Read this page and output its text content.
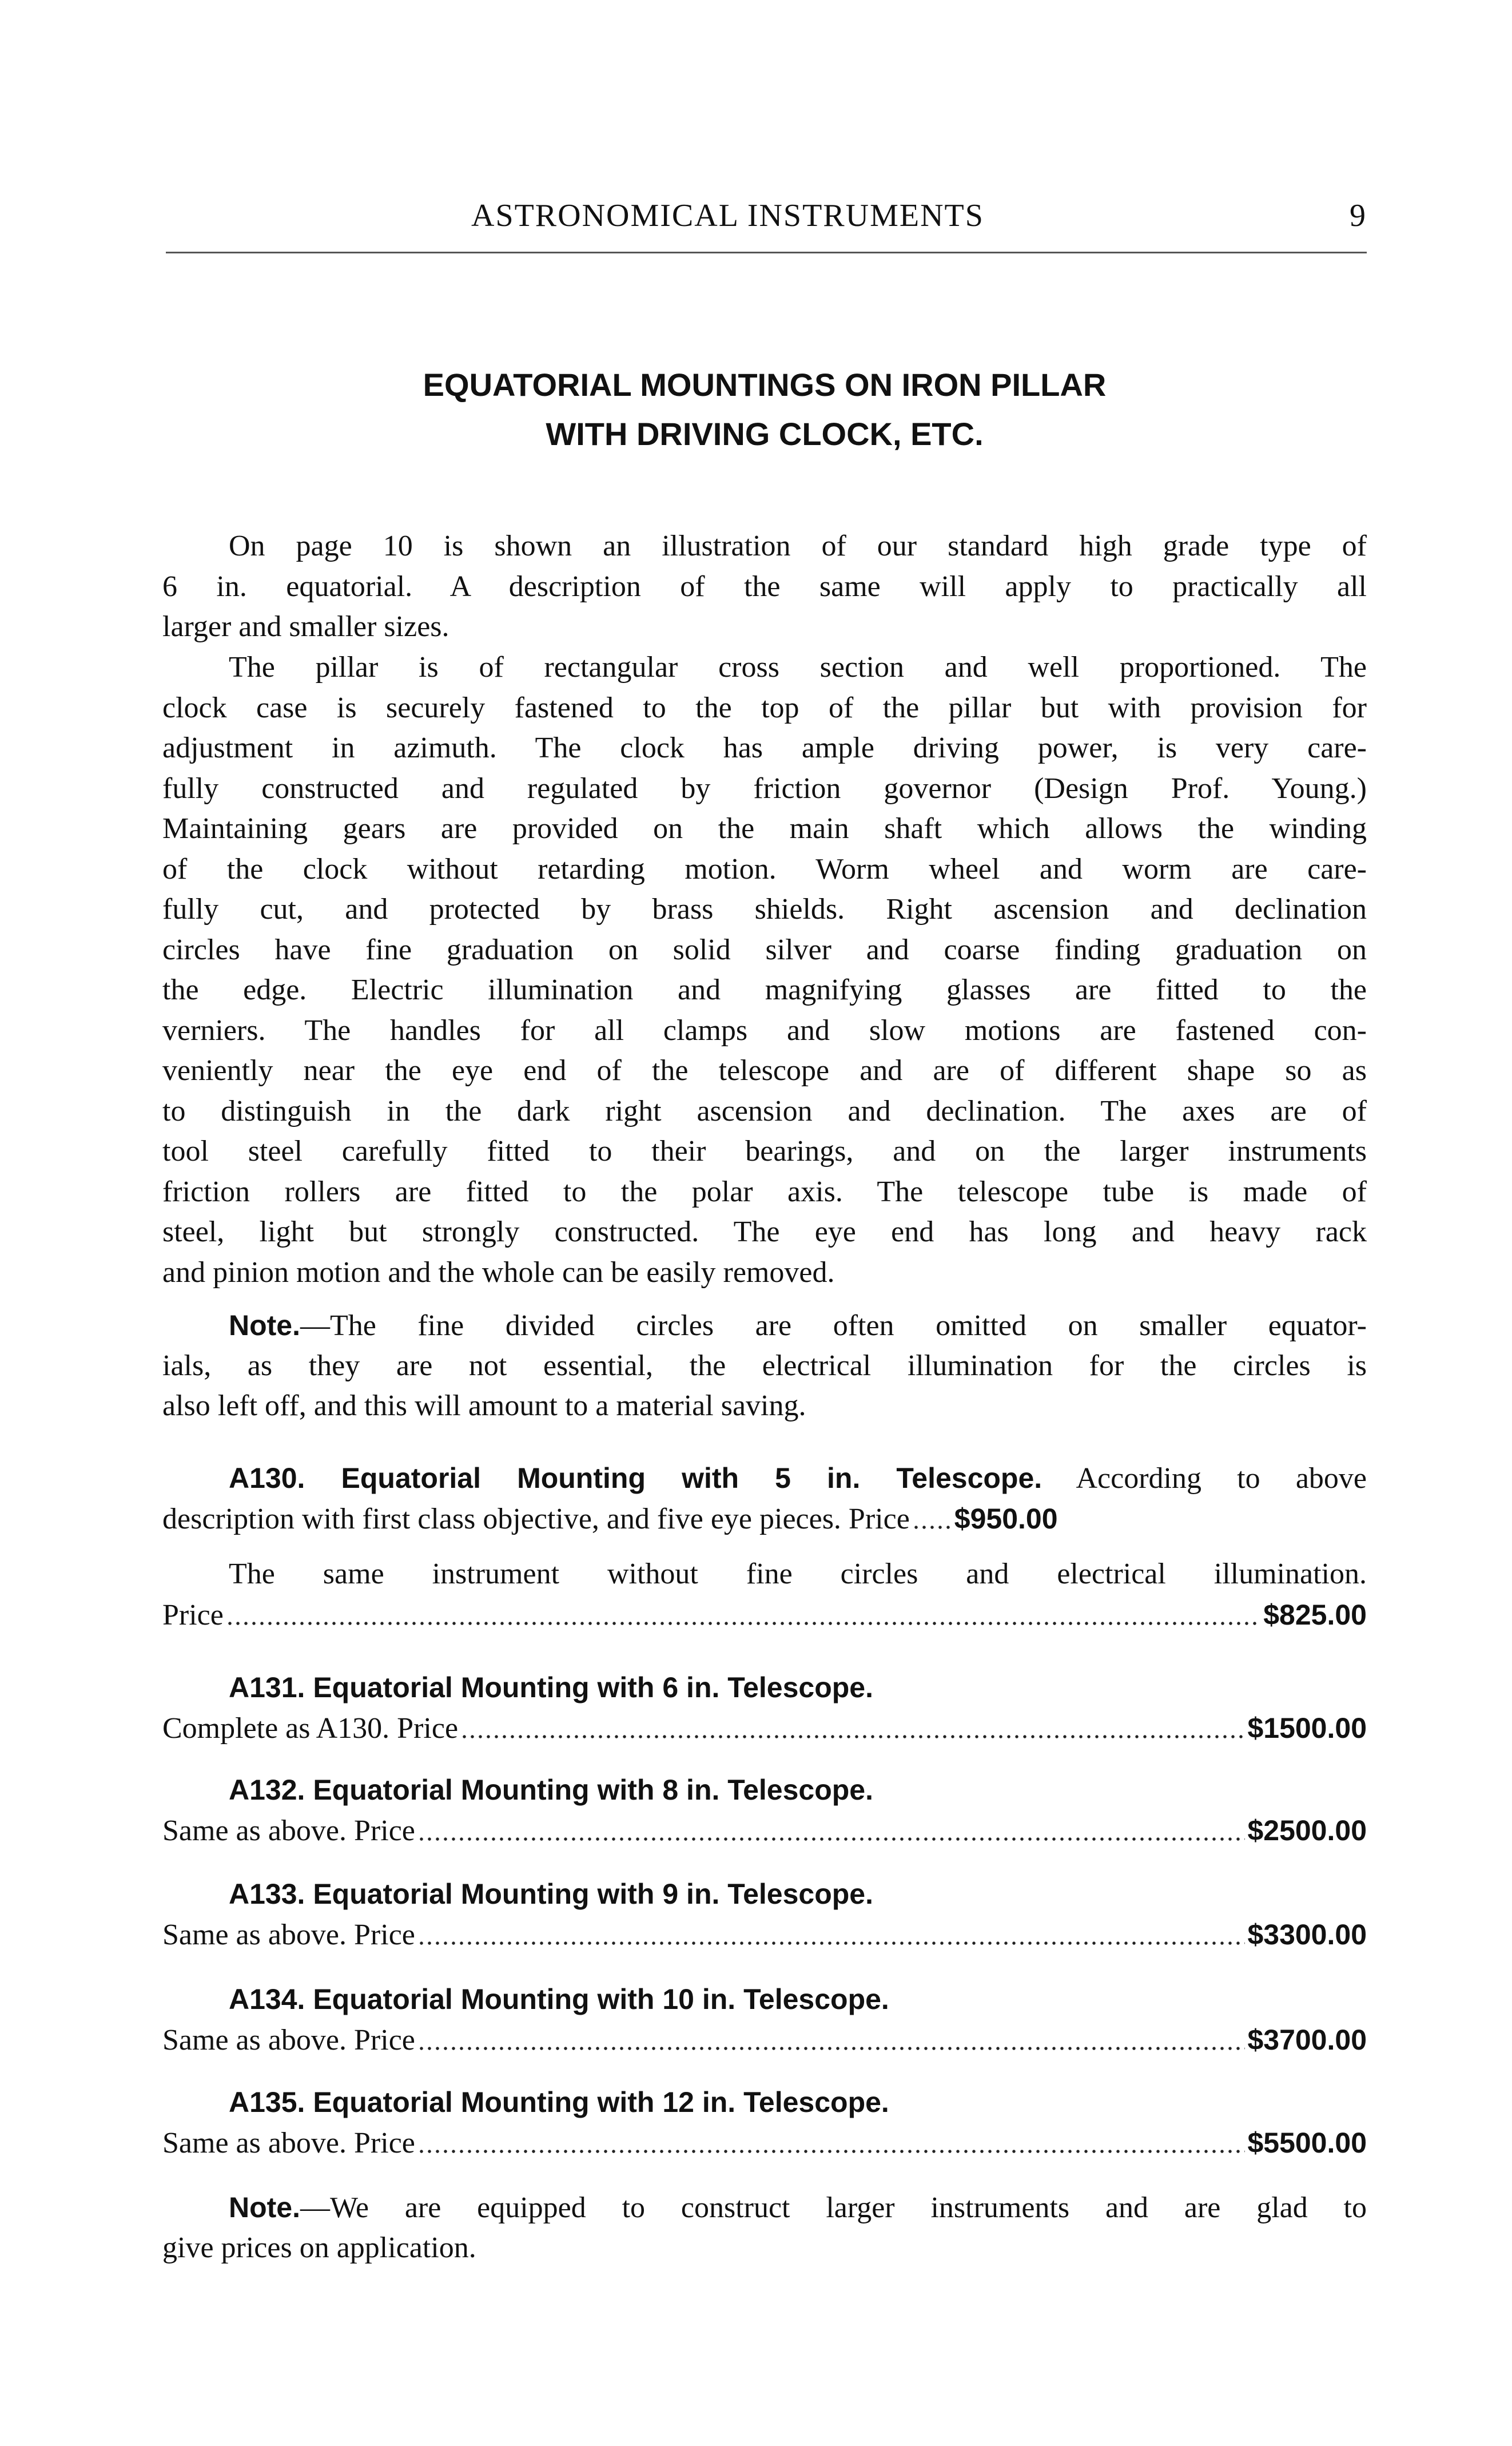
ASTRONOMICAL INSTRUMENTS	9
EQUATORIAL MOUNTINGS ON IRON PILLAR
WITH DRIVING CLOCK, ETC.
On page 10 is shown an illustration of our standard high grade type of
6 in. equatorial. A description of the same will apply to practically all
larger and smaller sizes.
The pillar is of rectangular cross section and well proportioned. The
clock case is securely fastened to the top of the pillar but with provision for
adjustment in azimuth. The clock has ample driving power, is very care-
fully constructed and regulated by friction governor (Design Prof. Young.)
Maintaining gears are provided on the main shaft which allows the winding
of the clock without retarding motion. Worm wheel and worm are care-
fully cut, and protected by brass shields. Right ascension and declination
circles have fine graduation on solid silver and coarse finding graduation on
the edge. Electric illumination and magnifying glasses are fitted to the
verniers. The handles for all clamps and slow motions are fastened con-
veniently near the eye end of the telescope and are of different shape so as
to distinguish in the dark right ascension and declination. The axes are of
tool steel carefully fitted to their bearings, and on the larger instruments
friction rollers are fitted to the polar axis. The telescope tube is made of
steel, light but strongly constructed. The eye end has long and heavy rack
and pinion motion and the whole can be easily removed.
Note.—The fine divided circles are often omitted on smaller equator-
ials, as they are not essential, the electrical illumination for the circles is
also left off, and this will amount to a material saving.
A130. Equatorial Mounting with 5 in. Telescope. According to above
description with first class objective, and five eye pieces. Price $950.00
The same instrument without fine circles and electrical illumination.
Price	$825.00
A131. Equatorial Mounting with 6 in. Telescope.
Complete as A130. Price	$1500.00
A132. Equatorial Mounting with 8 in. Telescope.
Same as above. Price	$2500.00
A133. Equatorial Mounting with 9 in. Telescope.
Same as above. Price	$3300.00
A134. Equatorial Mounting with 10 in. Telescope.
Same as above. Price	$3700.00
A135. Equatorial Mounting with 12 in. Telescope.
Same as above. Price	$5500.00
Note.—We are equipped to construct larger instruments and are glad to
give prices on application.
